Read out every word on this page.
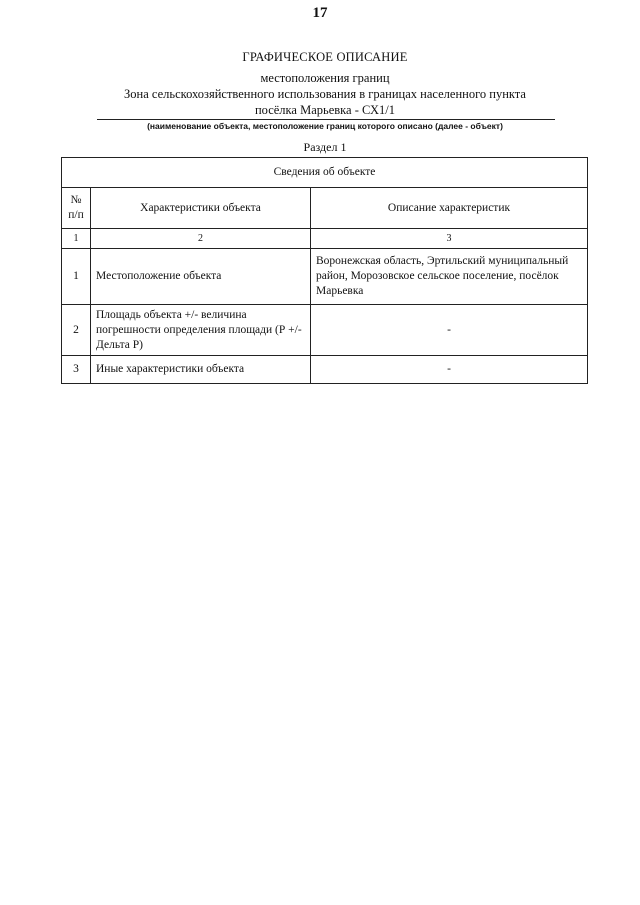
17
ГРАФИЧЕСКОЕ ОПИСАНИЕ
местоположения границ
Зона сельскохозяйственного использования в границах населенного пункта
посёлка Марьевка - СХ1/1
(наименование объекта, местоположение границ которого описано (далее - объект)
Раздел 1
Сведения об объекте		
№ п/п	Характеристики объекта	Описание характеристик
1	2	3
1	Местоположение объекта	Воронежская область, Эртильский муниципальный район, Морозовское сельское поселение, посёлок Марьевка
2	Площадь объекта +/- величина погрешности определения площади (Р +/- Дельта Р)	-
3	Иные характеристики объекта	-
